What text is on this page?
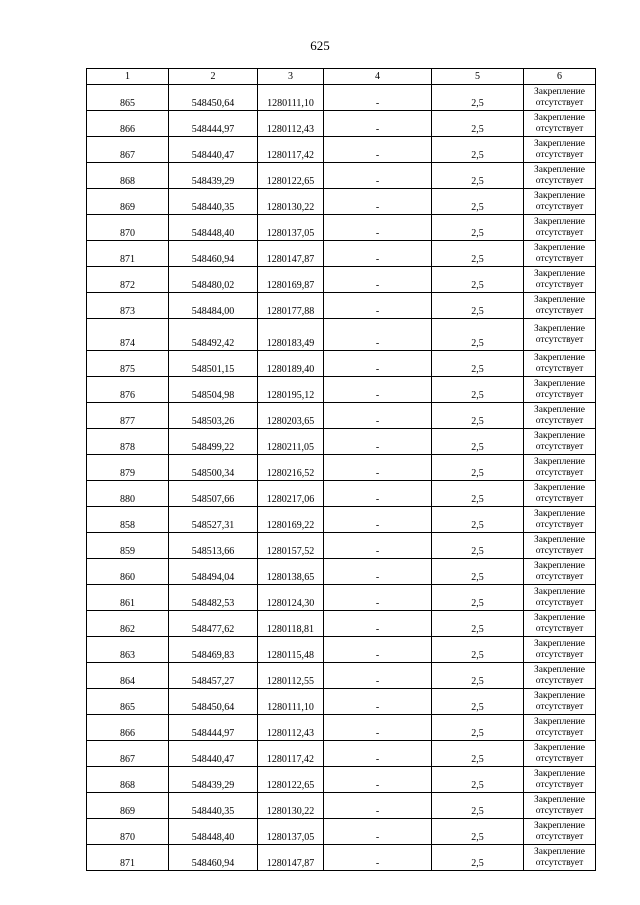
625
1	2	3	4	5	6
865	548450,64	1280111,10	-	2,5	Закрепление отсутствует
866	548444,97	1280112,43	-	2,5	Закрепление отсутствует
867	548440,47	1280117,42	-	2,5	Закрепление отсутствует
868	548439,29	1280122,65	-	2,5	Закрепление отсутствует
869	548440,35	1280130,22	-	2,5	Закрепление отсутствует
870	548448,40	1280137,05	-	2,5	Закрепление отсутствует
871	548460,94	1280147,87	-	2,5	Закрепление отсутствует
872	548480,02	1280169,87	-	2,5	Закрепление отсутствует
873	548484,00	1280177,88	-	2,5	Закрепление отсутствует
874	548492,42	1280183,49	-	2,5	Закрепление отсутствует
875	548501,15	1280189,40	-	2,5	Закрепление отсутствует
876	548504,98	1280195,12	-	2,5	Закрепление отсутствует
877	548503,26	1280203,65	-	2,5	Закрепление отсутствует
878	548499,22	1280211,05	-	2,5	Закрепление отсутствует
879	548500,34	1280216,52	-	2,5	Закрепление отсутствует
880	548507,66	1280217,06	-	2,5	Закрепление отсутствует
858	548527,31	1280169,22	-	2,5	Закрепление отсутствует
859	548513,66	1280157,52	-	2,5	Закрепление отсутствует
860	548494,04	1280138,65	-	2,5	Закрепление отсутствует
861	548482,53	1280124,30	-	2,5	Закрепление отсутствует
862	548477,62	1280118,81	-	2,5	Закрепление отсутствует
863	548469,83	1280115,48	-	2,5	Закрепление отсутствует
864	548457,27	1280112,55	-	2,5	Закрепление отсутствует
865	548450,64	1280111,10	-	2,5	Закрепление отсутствует
866	548444,97	1280112,43	-	2,5	Закрепление отсутствует
867	548440,47	1280117,42	-	2,5	Закрепление отсутствует
868	548439,29	1280122,65	-	2,5	Закрепление отсутствует
869	548440,35	1280130,22	-	2,5	Закрепление отсутствует
870	548448,40	1280137,05	-	2,5	Закрепление отсутствует
871	548460,94	1280147,87	-	2,5	Закрепление отсутствует
